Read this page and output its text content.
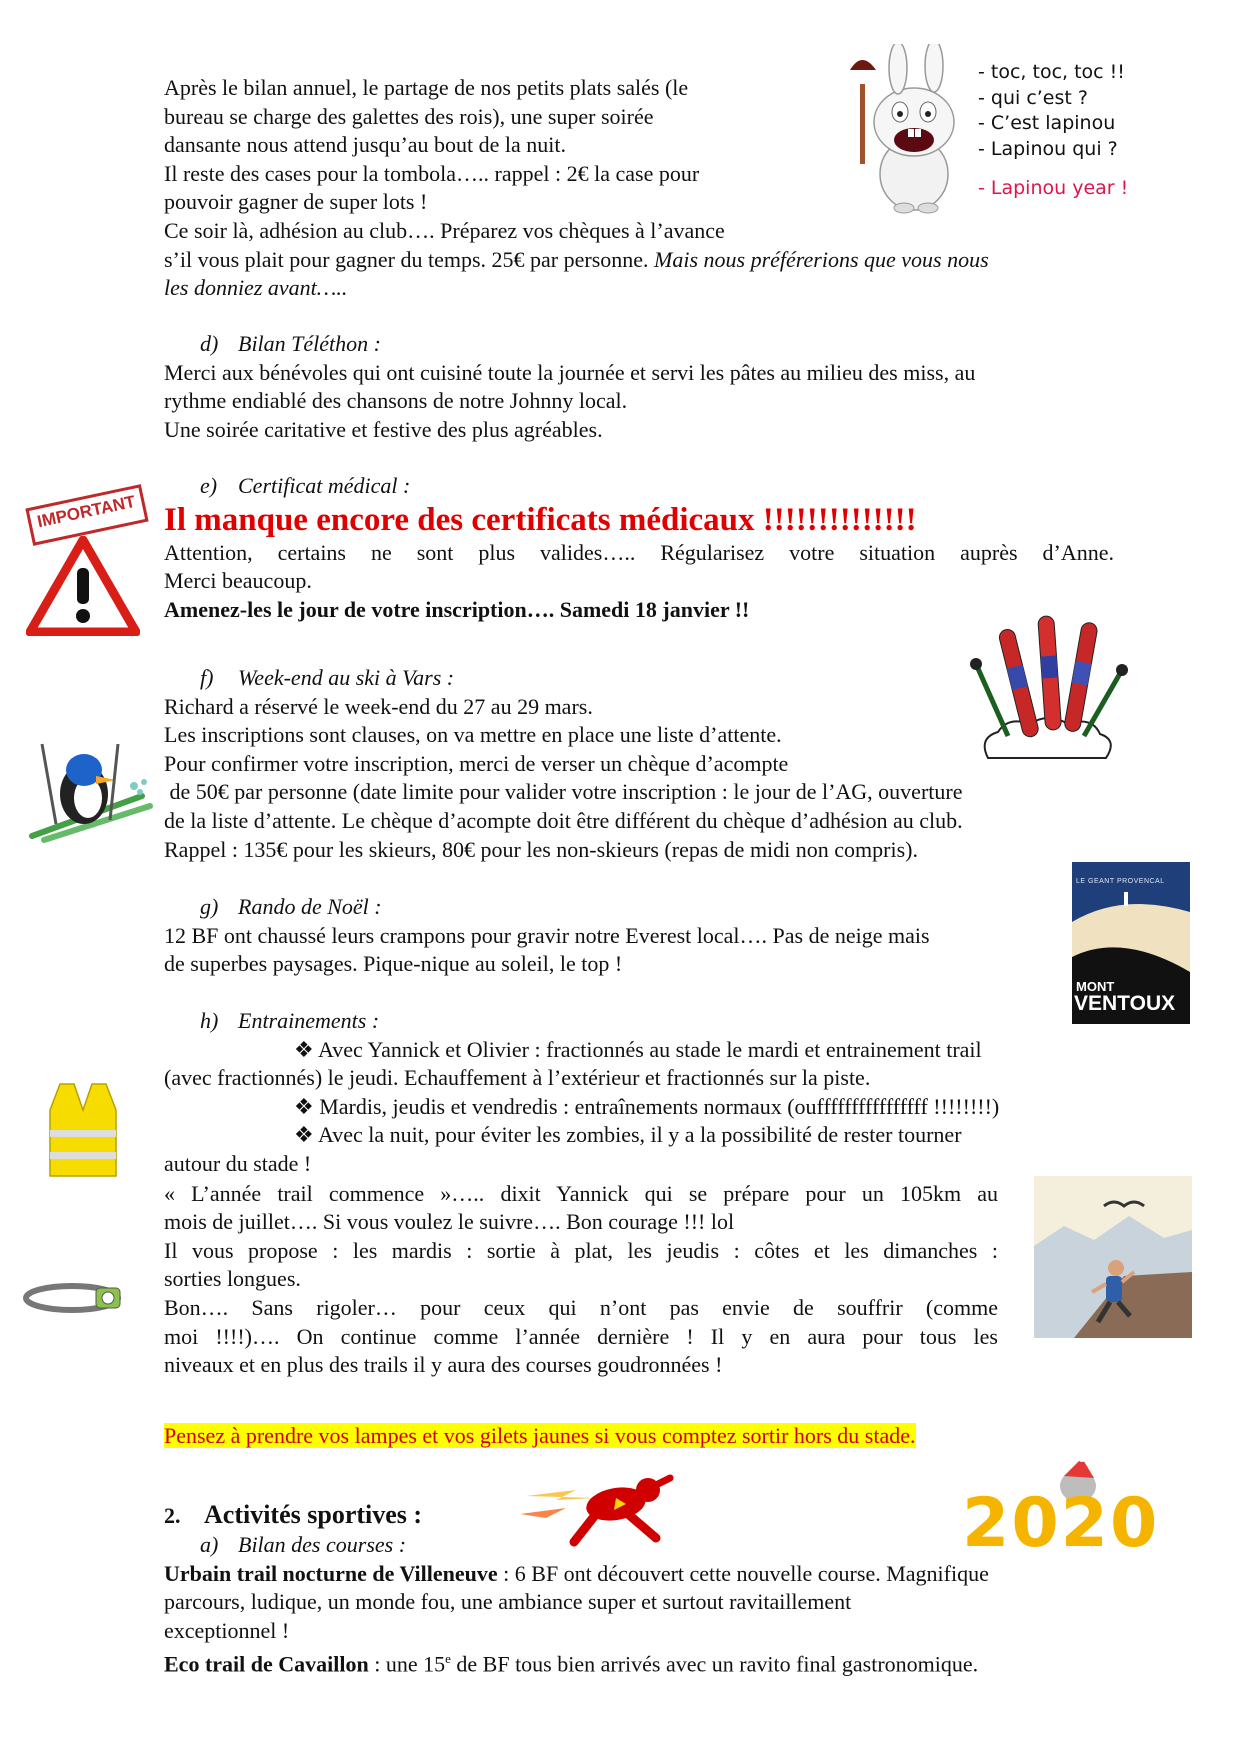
Après le bilan annuel, le partage de nos petits plats salés (le

bureau se charge des galettes des rois), une super soirée

dansante nous attend jusqu’au bout de la nuit.

Il reste des cases pour la tombola….. rappel : 2€ la case pour

pouvoir gagner de super lots !

Ce soir là, adhésion au club…. Préparez vos chèques à l’avance

s’il vous plait pour gagner du temps. 25€ par personne. Mais nous préférerions que vous nous

les donniez avant…..

- toc, toc, toc !!
- qui c’est ?
- C’est lapinou
- Lapinou qui ?
- Lapinou year !

d) Bilan Téléthon :

Merci aux bénévoles qui ont cuisiné toute la journée et servi les pâtes au milieu des miss, au

rythme endiablé des chansons de notre Johnny local.

Une soirée caritative et festive des plus agréables.

e) Certificat médical :

Il manque encore des certificats médicaux !!!!!!!!!!!!!!

Attention, certains ne sont plus valides….. Régularisez votre situation auprès d’Anne.

Merci beaucoup.

Amenez-les le jour de votre inscription…. Samedi 18 janvier !!

IMPORTANT

f) Week-end au ski à Vars :

Richard a réservé le week-end du 27 au 29 mars.

Les inscriptions sont clauses, on va mettre en place une liste d’attente.

Pour confirmer votre inscription, merci de verser un chèque d’acompte

de 50€ par personne (date limite pour valider votre inscription : le jour de l’AG, ouverture

de la liste d’attente. Le chèque d’acompte doit être différent du chèque d’adhésion au club.

Rappel : 135€ pour les skieurs, 80€ pour les non-skieurs (repas de midi non compris).

g) Rando de Noël :

12 BF ont chaussé leurs crampons pour gravir notre Everest local…. Pas de neige mais

de superbes paysages. Pique-nique au soleil, le top !

LE GEANT PROVENCAL
MONT
VENTOUX

h) Entrainements :

❖ Avec Yannick et Olivier : fractionnés au stade le mardi et entrainement trail

(avec fractionnés) le jeudi. Echauffement à l’extérieur et fractionnés sur la piste.

❖ Mardis, jeudis et vendredis : entraînements normaux (ouffffffffffffffff !!!!!!!!)

❖ Avec la nuit, pour éviter les zombies, il y a la possibilité de rester tourner

autour du stade !

« L’année trail commence »….. dixit Yannick qui se prépare pour un 105km au

mois de juillet…. Si vous voulez le suivre…. Bon courage !!! lol

Il vous propose : les mardis : sortie à plat, les jeudis : côtes et les dimanches :

sorties longues.

Bon…. Sans rigoler… pour ceux qui n’ont pas envie de souffrir (comme

moi !!!!)…. On continue comme l’année dernière ! Il y en aura pour tous les

niveaux et en plus des trails il y aura des courses goudronnées !

Pensez à prendre vos lampes et vos gilets jaunes si vous comptez sortir hors du stade.

2. Activités sportives :

a) Bilan des courses :

Urbain trail nocturne de Villeneuve : 6 BF ont découvert cette nouvelle course. Magnifique

parcours, ludique, un monde fou, une ambiance super et surtout ravitaillement

exceptionnel !

Eco trail de Cavaillon : une 15e de BF tous bien arrivés avec un ravito final gastronomique.

2020
